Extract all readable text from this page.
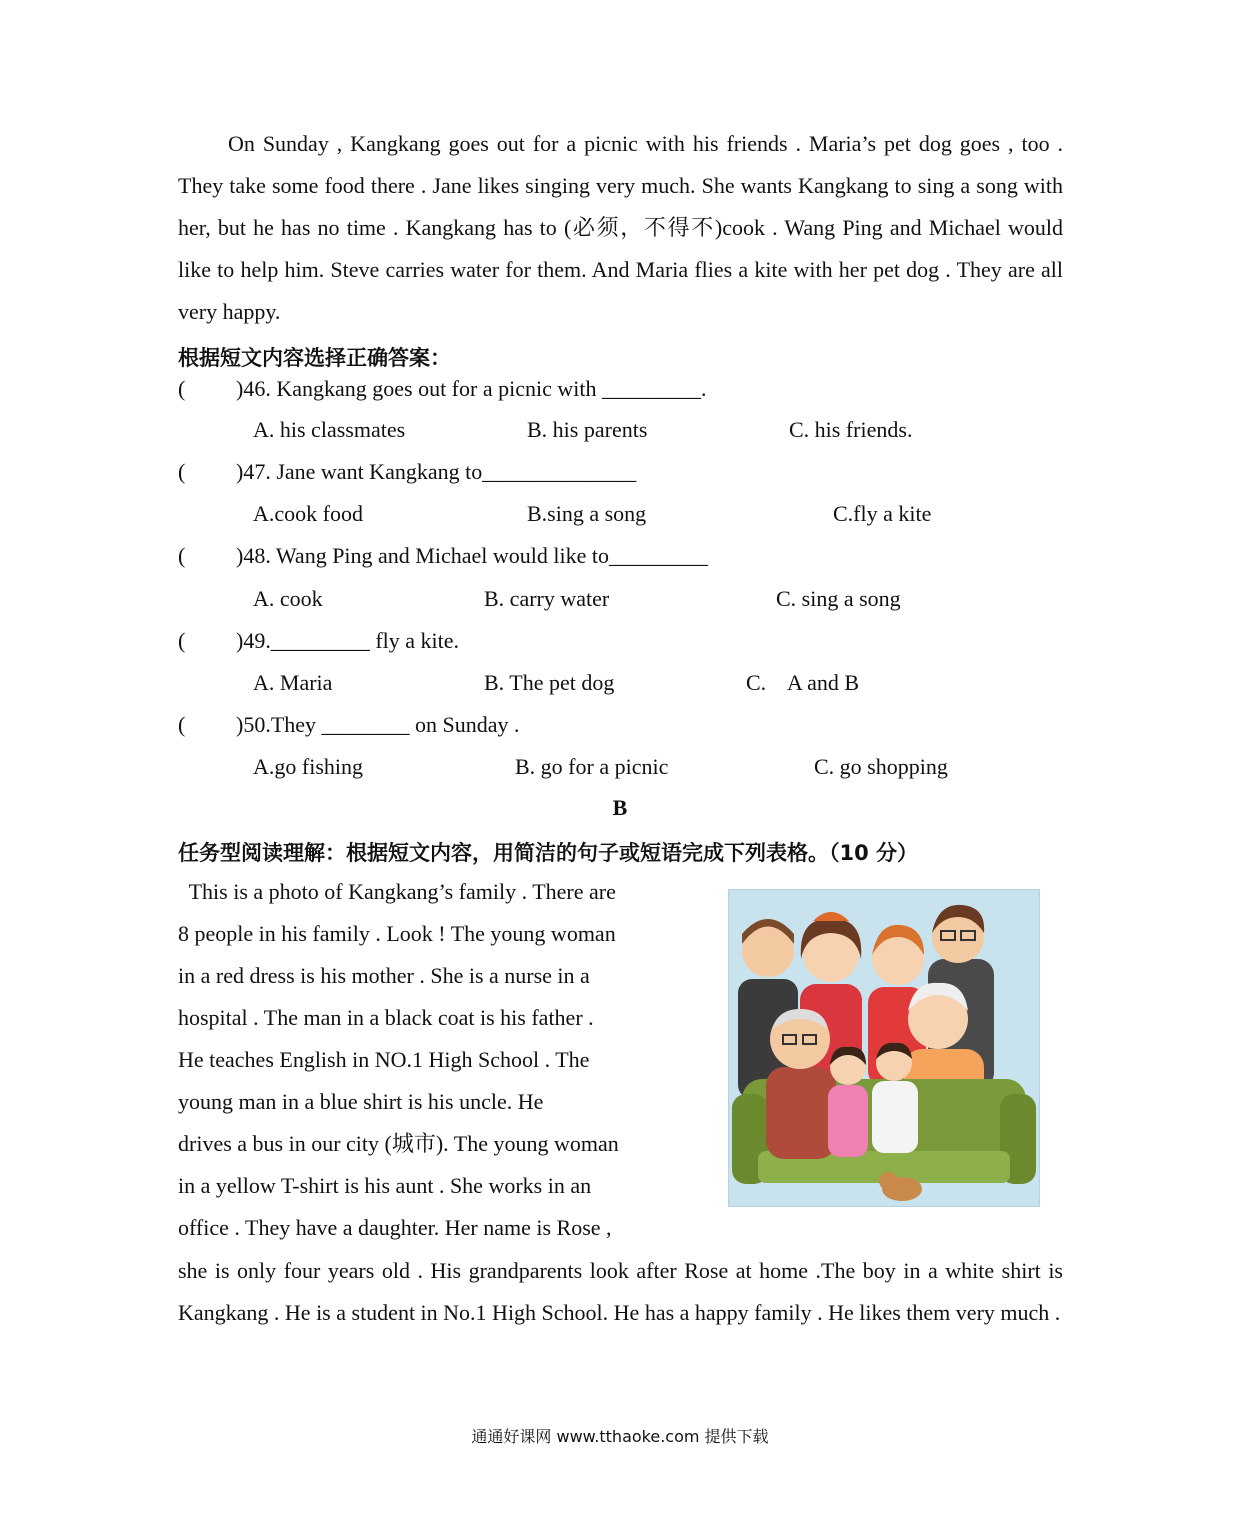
On Sunday , Kangkang goes out for a picnic with his friends . Maria’s pet dog goes , too . They take some food there . Jane likes singing very much. She wants Kangkang to sing a song with her, but he has no time . Kangkang has to (必须，不得不)cook . Wang Ping and Michael would like to help him. Steve carries water for them. And Maria flies a kite with her pet dog . They are all very happy.

根据短文内容选择正确答案：
( )46. Kangkang goes out for a picnic with _________.
A. his classmates	B. his parents	C. his friends.
( )47. Jane want Kangkang to______________
A.cook food	B.sing a song	C.fly a kite
( )48. Wang Ping and Michael would like to_________
A. cook	B. carry water	C. sing a song
( )49._________ fly a kite.
A. Maria	B. The pet dog	C.    A and B
( )50.They ________ on Sunday .
A.go fishing	B. go for a picnic	C. go shopping
B
任务型阅读理解：根据短文内容，用简洁的句子或短语完成下列表格。（10 分）
This is a photo of Kangkang’s family . There are
8 people in his family . Look ! The young woman
in a red dress is his mother . She is a nurse in a
hospital . The man in a black coat is his father .
He teaches English in NO.1 High School . The
young man in a blue shirt is his uncle. He
drives a bus in our city (城市). The young woman
in a yellow T-shirt is his aunt . She works in an
office . They have a daughter. Her name is Rose ,

she is only four years old . His grandparents look after Rose at home .The boy in a white shirt is Kangkang . He is a student in No.1 High School. He has a happy family . He likes them very much .

通通好课网 www.tthaoke.com 提供下载
